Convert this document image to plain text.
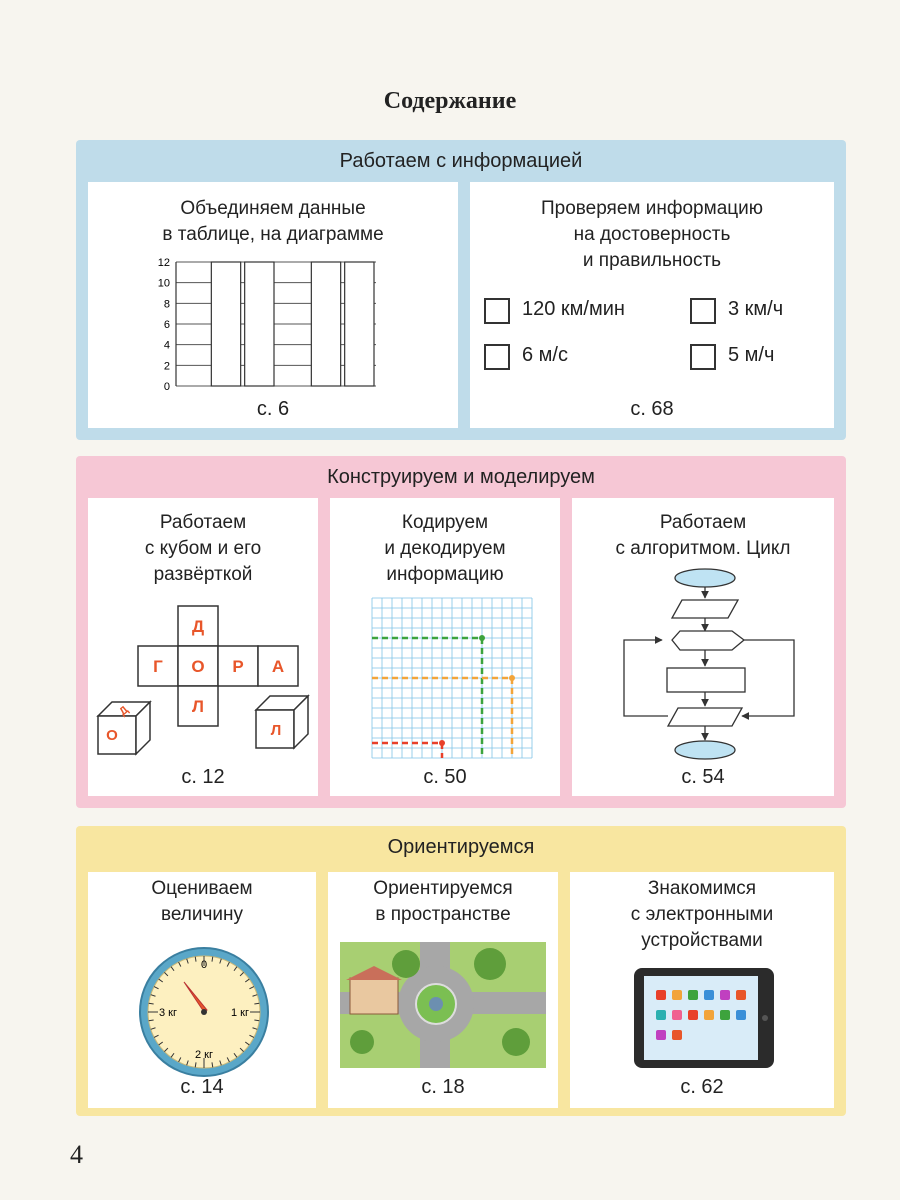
Содержание
Работаем с информацией
Объединяем данные
в таблице, на диаграмме
12
10
8
6
4
2
0
с. 6
Проверяем информацию
на достоверность
и правильность
120 км/мин	3 км/ч
6 м/с	5 м/ч
с. 68
Конструируем и моделируем
Работаем
с кубом и его
развёрткой
Д
Г О Р А
Л
Д
О	Л
с. 12
Кодируем
и декодируем
информацию
с. 50
Работаем
с алгоритмом. Цикл
с. 54
Ориентируемся
Оцениваем
величину
0
3 кг	1 кг
2 кг
с. 14
Ориентируемся
в пространстве
с. 18
Знакомимся
с электронными
устройствами
с. 62
4
